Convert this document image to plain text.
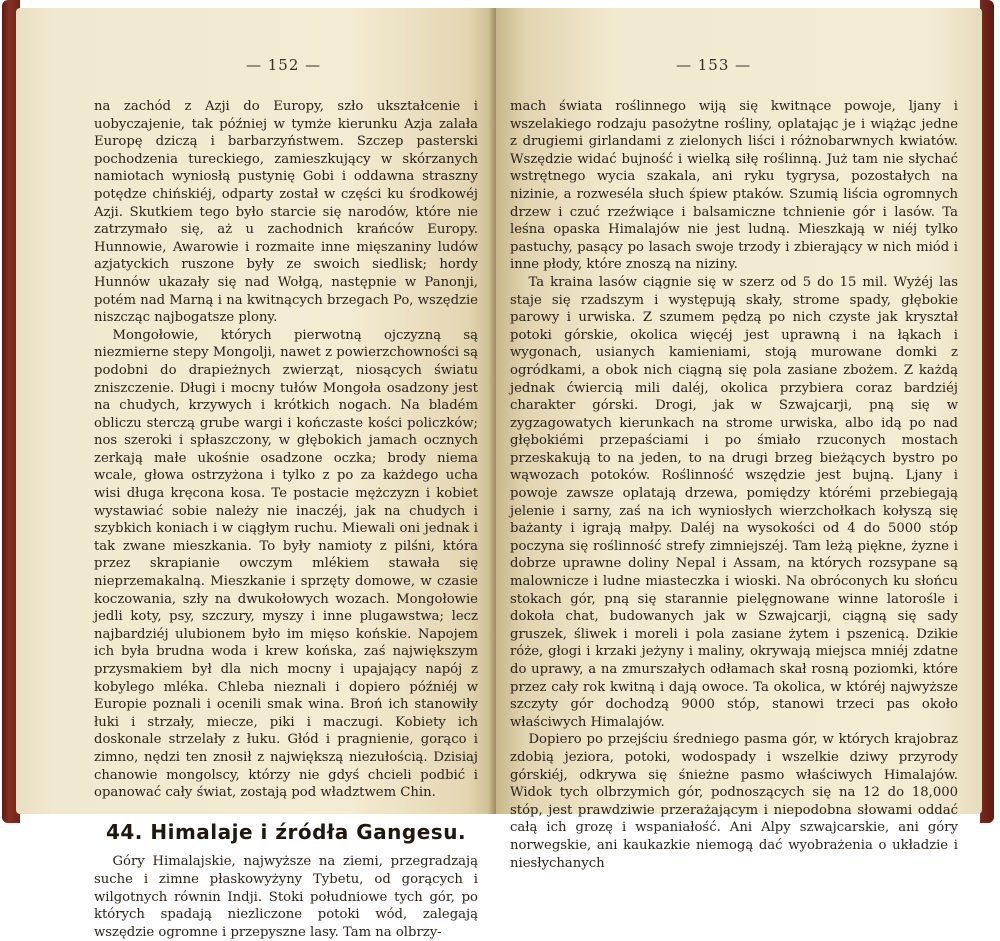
— 152 —

na zachód z Azji do Europy, szło ukształcenie i uobyczajenie, tak później w tymże kierunku Azja zalała Europę dziczą i barbarzyństwem. Szczep pasterski pochodzenia tureckiego, zamieszkujący w skórzanych namiotach wyniosłą pustynię Gobi i oddawna straszny potędze chińskiéj, odparty został w części ku środkowéj Azji. Skutkiem tego było starcie się narodów, które nie zatrzymało się, aż u zachodnich krańców Europy. Hunnowie, Awarowie i rozmaite inne mięszaniny ludów azjatyckich ruszone były ze swoich siedlisk; hordy Hunnów ukazały się nad Wołgą, następnie w Panonji, potém nad Marną i na kwitnących brzegach Po, wszędzie niszcząc najbogatsze plony.

Mongołowie, których pierwotną ojczyzną są niezmierne stepy Mongolji, nawet z powierzchowności są podobni do drapieżnych zwierząt, niosących światu zniszczenie. Długi i mocny tułów Mongoła osadzony jest na chudych, krzywych i krótkich nogach. Na bladém obliczu sterczą grube wargi i kończaste kości policzków; nos szeroki i spłaszczony, w głębokich jamach ocznych zerkają małe ukośnie osadzone oczka; brody niema wcale, głowa ostrzyżona i tylko z po za każdego ucha wisi długa kręcona kosa. Te postacie mężczyzn i kobiet wystawiać sobie należy nie inaczéj, jak na chudych i szybkich koniach i w ciągłym ruchu. Miewali oni jednak i tak zwane mieszkania. To były namioty z pilśni, która przez skrapianie owczym mlékiem stawała się nieprzemakalną. Mieszkanie i sprzęty domowe, w czasie koczowania, szły na dwukołowych wozach. Mongołowie jedli koty, psy, szczury, myszy i inne plugawstwa; lecz najbardziéj ulubionem było im mięso końskie. Napojem ich była brudna woda i krew końska, zaś największym przysmakiem był dla nich mocny i upajający napój z kobylego mléka. Chleba nieznali i dopiero późniéj w Europie poznali i ocenili smak wina. Broń ich stanowiły łuki i strzały, miecze, piki i maczugi. Kobiety ich doskonale strzelały z łuku. Głód i pragnienie, gorąco i zimno, nędzi ten znosił z największą niezułością. Dzisiaj chanowie mongolscy, którzy nie gdyś chcieli podbić i opanować cały świat, zostają pod władztwem Chin.

44. Himalaje i źródła Gangesu.

Góry Himalajskie, najwyższe na ziemi, przegradzają suche i zimne płaskowyżyny Tybetu, od gorących i wilgotnych równin Indji. Stoki południowe tych gór, po których spadają niezliczone potoki wód, zalegają wszędzie ogromne i przepyszne lasy. Tam na olbrzy-

— 153 —

mach świata roślinnego wiją się kwitnące powoje, ljany i wszelakiego rodzaju pasożytne rośliny, oplatając je i wiążąc jedne z drugiemi girlandami z zielonych liści i różnobarwnych kwiatów. Wszędzie widać bujność i wielką siłę roślinną. Już tam nie słychać wstrętnego wycia szakala, ani ryku tygrysa, pozostałych na nizinie, a rozweséla słuch śpiew ptaków. Szumią liścia ogromnych drzew i czuć rzeźwiące i balsamiczne tchnienie gór i lasów. Ta leśna opaska Himalajów nie jest ludną. Mieszkają w niéj tylko pastuchy, pasący po lasach swoje trzody i zbierający w nich miód i inne płody, które znoszą na niziny.

Ta kraina lasów ciągnie się w szerz od 5 do 15 mil. Wyżéj las staje się rzadszym i występują skały, strome spady, głębokie parowy i urwiska. Z szumem pędzą po nich czyste jak kryształ potoki górskie, okolica więcéj jest uprawną i na łąkach i wygonach, usianych kamieniami, stoją murowane domki z ogródkami, a obok nich ciągną się pola zasiane zbożem. Z każdą jednak ćwiercią mili daléj, okolica przybiera coraz bardziéj charakter górski. Drogi, jak w Szwajcarji, pną się w zygzagowatych kierunkach na strome urwiska, albo idą po nad głębokiémi przepaściami i po śmiało rzuconych mostach przeskakują to na jeden, to na drugi brzeg bieżących bystro po wąwozach potoków. Roślinność wszędzie jest bujną. Ljany i powoje zawsze oplatają drzewa, pomiędzy którémi przebiegają jelenie i sarny, zaś na ich wyniosłych wierzchołkach kołyszą się bażanty i igrają małpy. Daléj na wysokości od 4 do 5000 stóp poczyna się roślinność strefy zimniejszéj. Tam leżą piękne, żyzne i dobrze uprawne doliny Nepal i Assam, na których rozsypane są malownicze i ludne miasteczka i wioski. Na obróconych ku słońcu stokach gór, pną się starannie pielęgnowane winne latorośle i dokoła chat, budowanych jak w Szwajcarji, ciągną się sady gruszek, śliwek i moreli i pola zasiane żytem i pszenicą. Dzikie róże, głogi i krzaki jeżyny i maliny, okrywają miejsca mniéj zdatne do uprawy, a na zmurszałych odłamach skał rosną poziomki, które przez cały rok kwitną i dają owoce. Ta okolica, w któréj najwyższe szczyty gór dochodzą 9000 stóp, stanowi trzeci pas około właściwych Himalajów.

Dopiero po przejściu średniego pasma gór, w których krajobraz zdobią jeziora, potoki, wodospady i wszelkie dziwy przyrody górskiéj, odkrywa się śnieżne pasmo właściwych Himalajów. Widok tych olbrzymich gór, podnoszących się na 12 do 18,000 stóp, jest prawdziwie przerażającym i niepodobna słowami oddać całą ich grozę i wspaniałość. Ani Alpy szwajcarskie, ani góry norwegskie, ani kaukazkie niemogą dać wyobrażenia o układzie i niesłychanych
